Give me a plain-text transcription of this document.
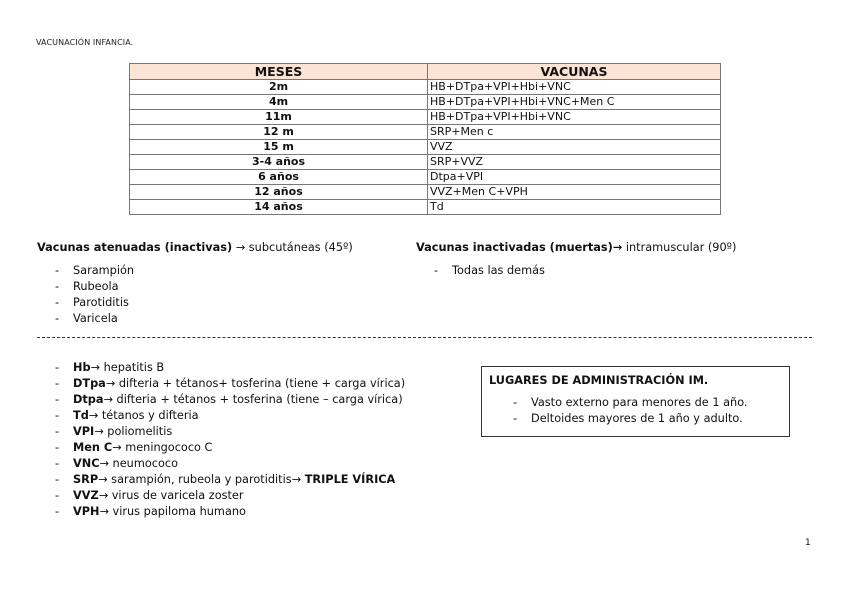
VACUNACIÓN INFANCIA.
MESES	VACUNAS
2m	HB+DTpa+VPI+Hbi+VNC
4m	HB+DTpa+VPI+Hbi+VNC+Men C
11m	HB+DTpa+VPI+Hbi+VNC
12 m	SRP+Men c
15 m	VVZ
3-4 años	SRP+VVZ
6 años	Dtpa+VPI
12 años	VVZ+Men C+VPH
14 años	Td
Vacunas atenuadas (inactivas) → subcutáneas (45º)
- Sarampión
- Rubeola
- Parotiditis
- Varicela
Vacunas inactivadas (muertas)→ intramuscular (90º)
- Todas las demás
- Hb→ hepatitis B
- DTpa→ difteria + tétanos+ tosferina (tiene + carga vírica)
- Dtpa→ difteria + tétanos + tosferina (tiene – carga vírica)
- Td→ tétanos y difteria
- VPI→ poliomelitis
- Men C→ meningococo C
- VNC→ neumococo
- SRP→ sarampión, rubeola y parotiditis→ TRIPLE VÍRICA
- VVZ→ virus de varicela zoster
- VPH→ virus papiloma humano

LUGARES DE ADMINISTRACIÓN IM.

- Vasto externo para menores de 1 año.
- Deltoides mayores de 1 año y adulto.
1
